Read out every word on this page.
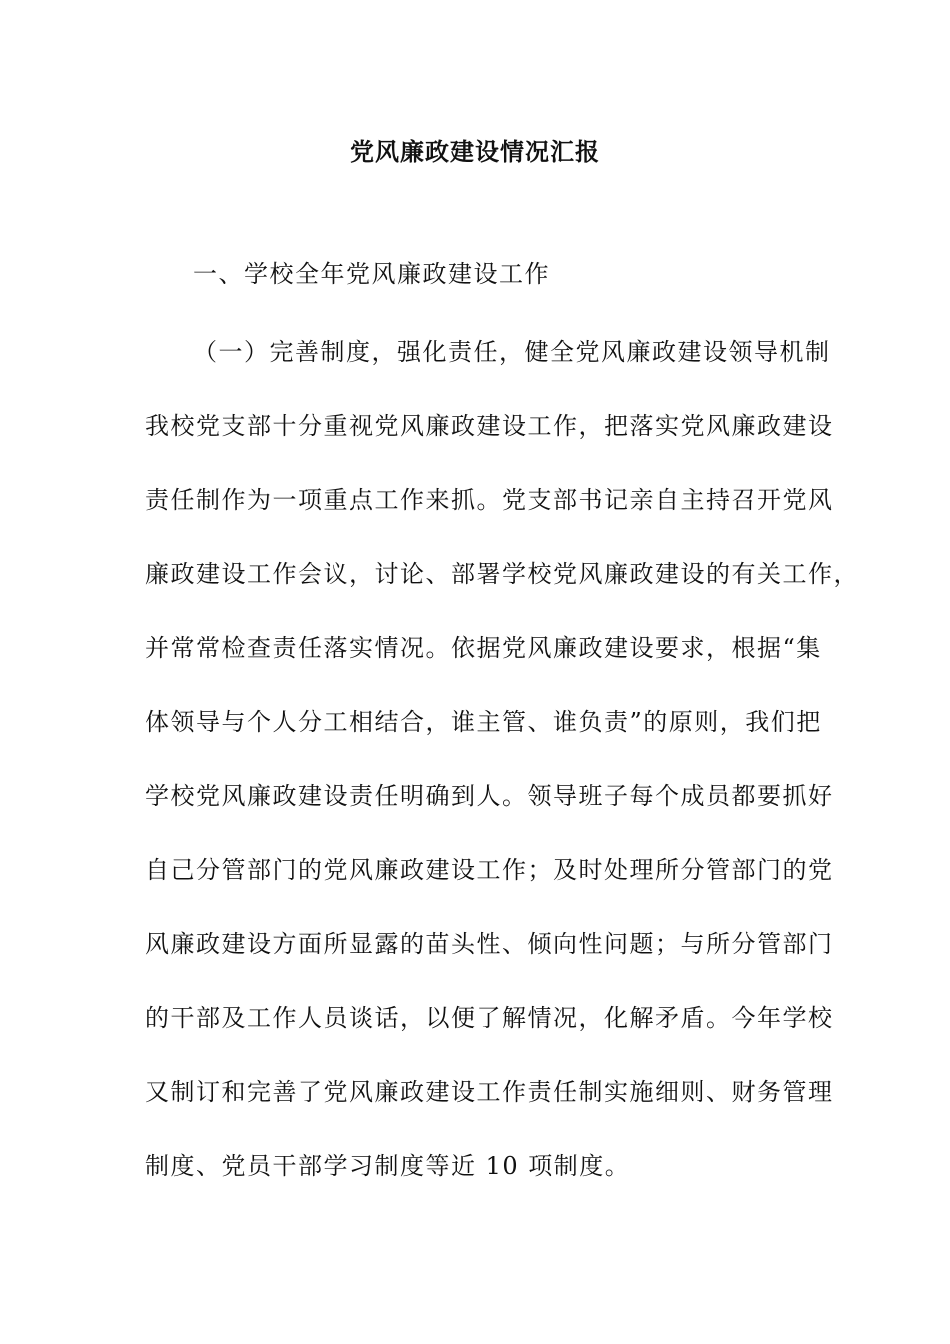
党风廉政建设情况汇报
一、学校全年党风廉政建设工作
（一）完善制度，强化责任，健全党风廉政建设领导机制
我校党支部十分重视党风廉政建设工作，把落实党风廉政建设
责任制作为一项重点工作来抓。党支部书记亲自主持召开党风
廉政建设工作会议，讨论、部署学校党风廉政建设的有关工作，
并常常检查责任落实情况。依据党风廉政建设要求，根据“集
体领导与个人分工相结合，谁主管、谁负责”的原则，我们把
学校党风廉政建设责任明确到人。领导班子每个成员都要抓好
自己分管部门的党风廉政建设工作；及时处理所分管部门的党
风廉政建设方面所显露的苗头性、倾向性问题；与所分管部门
的干部及工作人员谈话，以便了解情况，化解矛盾。今年学校
又制订和完善了党风廉政建设工作责任制实施细则、财务管理
制度、党员干部学习制度等近 10 项制度。
